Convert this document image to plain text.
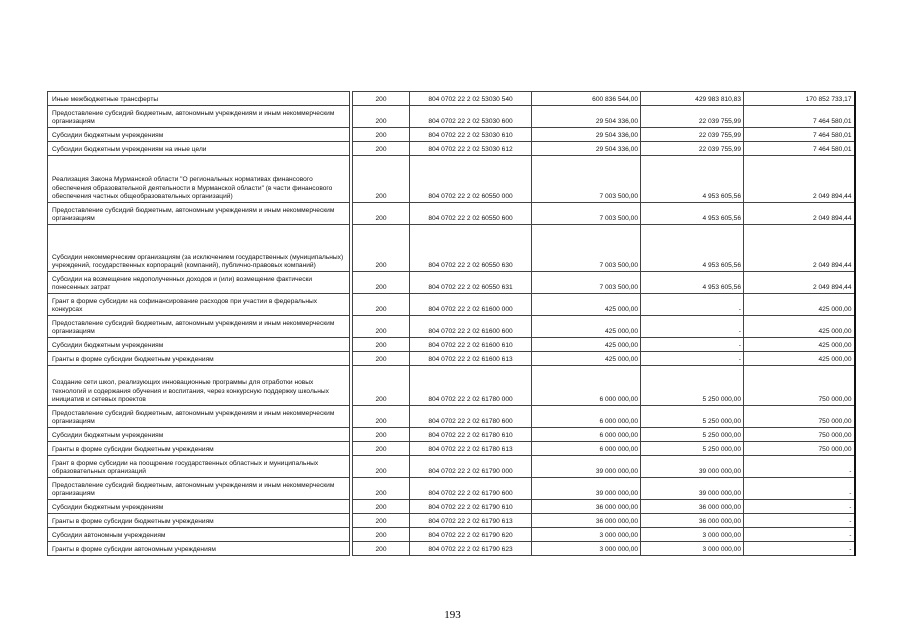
Иные межбюджетные трансферты		200	804 0702 22 2 02 53030 540	600 836 544,00	429 983 810,83	170 852 733,17
Предоставление субсидий бюджетным, автономным учреждениям и иным некоммерческим организациям		200	804 0702 22 2 02 53030 600	29 504 336,00	22 039 755,99	7 464 580,01
Субсидии бюджетным учреждениям		200	804 0702 22 2 02 53030 610	29 504 336,00	22 039 755,99	7 464 580,01
Субсидии бюджетным учреждениям на иные цели		200	804 0702 22 2 02 53030 612	29 504 336,00	22 039 755,99	7 464 580,01
Реализация Закона Мурманской области "О региональных нормативах финансового обеспечения образовательной деятельности в Мурманской области" (в части финансового обеспечения частных общеобразовательных организаций)		200	804 0702 22 2 02 60550 000	7 003 500,00	4 953 605,56	2 049 894,44
Предоставление субсидий бюджетным, автономным учреждениям и иным некоммерческим организациям		200	804 0702 22 2 02 60550 600	7 003 500,00	4 953 605,56	2 049 894,44
Субсидии некоммерческим организациям (за исключением государственных (муниципальных) учреждений, государственных корпораций (компаний), публично-правовых компаний)		200	804 0702 22 2 02 60550 630	7 003 500,00	4 953 605,56	2 049 894,44
Субсидии на возмещение недополученных доходов и (или) возмещение фактически понесенных затрат		200	804 0702 22 2 02 60550 631	7 003 500,00	4 953 605,56	2 049 894,44
Грант в форме субсидии на софинансирование расходов при участии в федеральных конкурсах		200	804 0702 22 2 02 61600 000	425 000,00	-	425 000,00
Предоставление субсидий бюджетным, автономным учреждениям и иным некоммерческим организациям		200	804 0702 22 2 02 61600 600	425 000,00	-	425 000,00
Субсидии бюджетным учреждениям		200	804 0702 22 2 02 61600 610	425 000,00	-	425 000,00
Гранты в форме субсидии бюджетным учреждениям		200	804 0702 22 2 02 61600 613	425 000,00	-	425 000,00
Создание сети школ, реализующих инновационные программы для отработки новых технологий и содержания обучения и воспитания, через конкурсную поддержку школьных инициатив и сетевых проектов		200	804 0702 22 2 02 61780 000	6 000 000,00	5 250 000,00	750 000,00
Предоставление субсидий бюджетным, автономным учреждениям и иным некоммерческим организациям		200	804 0702 22 2 02 61780 600	6 000 000,00	5 250 000,00	750 000,00
Субсидии бюджетным учреждениям		200	804 0702 22 2 02 61780 610	6 000 000,00	5 250 000,00	750 000,00
Гранты в форме субсидии бюджетным учреждениям		200	804 0702 22 2 02 61780 613	6 000 000,00	5 250 000,00	750 000,00
Грант в форме субсидии на поощрение государственных областных и муниципальных образовательных организаций		200	804 0702 22 2 02 61790 000	39 000 000,00	39 000 000,00	-
Предоставление субсидий бюджетным, автономным учреждениям и иным некоммерческим организациям		200	804 0702 22 2 02 61790 600	39 000 000,00	39 000 000,00	-
Субсидии бюджетным учреждениям		200	804 0702 22 2 02 61790 610	36 000 000,00	36 000 000,00	-
Гранты в форме субсидии бюджетным учреждениям		200	804 0702 22 2 02 61790 613	36 000 000,00	36 000 000,00	-
Субсидии автономным учреждениям		200	804 0702 22 2 02 61790 620	3 000 000,00	3 000 000,00	-
Гранты в форме субсидии автономным учреждениям		200	804 0702 22 2 02 61790 623	3 000 000,00	3 000 000,00	-
193
